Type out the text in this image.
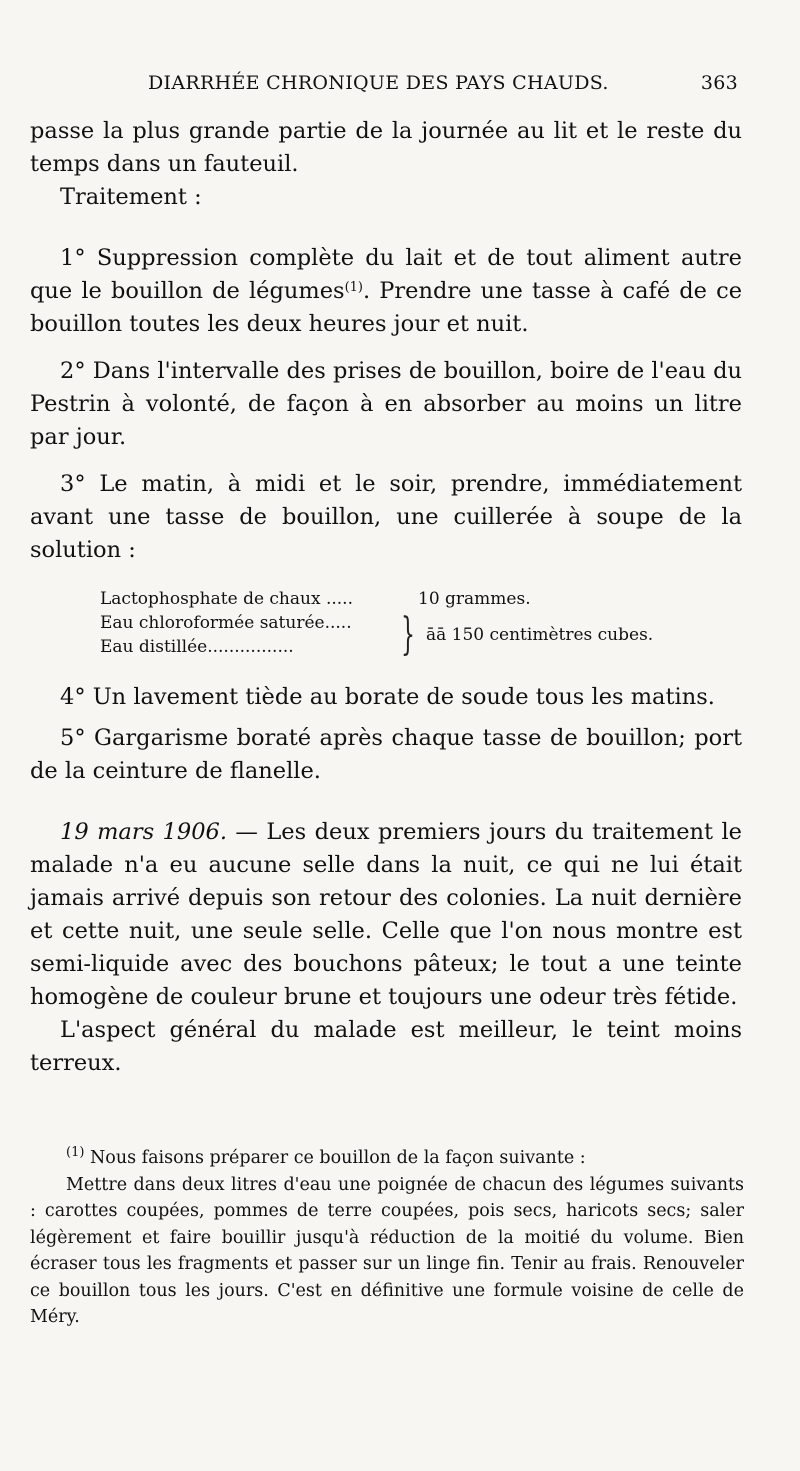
DIARRHÉE CHRONIQUE DES PAYS CHAUDS.	363

passe la plus grande partie de la journée au lit et le reste du temps dans un fauteuil.

Traitement :

1° Suppression complète du lait et de tout aliment autre que le bouillon de légumes$^{(1)}$. Prendre une tasse à café de ce bouillon toutes les deux heures jour et nuit.

2° Dans l'intervalle des prises de bouillon, boire de l'eau du Pestrin à volonté, de façon à en absorber au moins un litre par jour.

3° Le matin, à midi et le soir, prendre, immédiatement avant une tasse de bouillon, une cuillerée à soupe de la solution :

Lactophosphate de chaux .....	10 grammes.
Eau chloroformée saturée.....
Eau distillée................	} āā 150 centimètres cubes.

4° Un lavement tiède au borate de soude tous les matins.

5° Gargarisme boraté après chaque tasse de bouillon; port de la ceinture de flanelle.

19 mars 1906. — Les deux premiers jours du traitement le malade n'a eu aucune selle dans la nuit, ce qui ne lui était jamais arrivé depuis son retour des colonies. La nuit dernière et cette nuit, une seule selle. Celle que l'on nous montre est semi-liquide avec des bouchons pâteux; le tout a une teinte homogène de couleur brune et toujours une odeur très fétide.

L'aspect général du malade est meilleur, le teint moins terreux.

$^{(1)}$ Nous faisons préparer ce bouillon de la façon suivante :

Mettre dans deux litres d'eau une poignée de chacun des légumes suivants : carottes coupées, pommes de terre coupées, pois secs, haricots secs; saler légèrement et faire bouillir jusqu'à réduction de la moitié du volume. Bien écraser tous les fragments et passer sur un linge fin. Tenir au frais. Renouveler ce bouillon tous les jours. C'est en définitive une formule voisine de celle de Méry.
